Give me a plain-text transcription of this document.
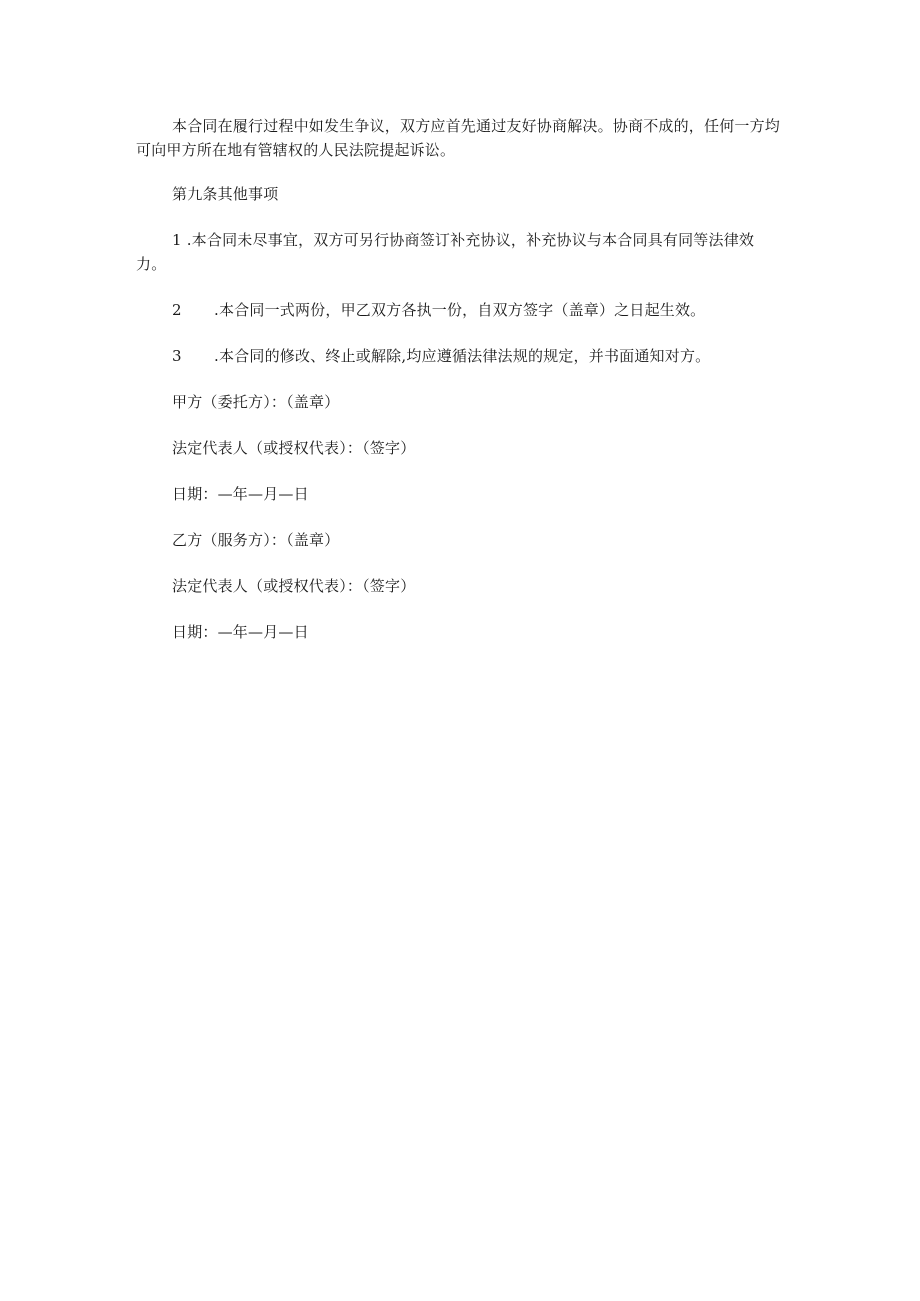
本合同在履行过程中如发生争议，双方应首先通过友好协商解决。协商不成的，任何一方均可向甲方所在地有管辖权的人民法院提起诉讼。

第九条其他事项

1 .本合同未尽事宜，双方可另行协商签订补充协议，补充协议与本合同具有同等法律效力。

2 .本合同一式两份，甲乙双方各执一份，自双方签字（盖章）之日起生效。

3 .本合同的修改、终止或解除,均应遵循法律法规的规定，并书面通知对方。

甲方（委托方）：（盖章）

法定代表人（或授权代表）：（签字）

日期：—年—月—日

乙方（服务方）：（盖章）

法定代表人（或授权代表）：（签字）

日期：—年—月—日
